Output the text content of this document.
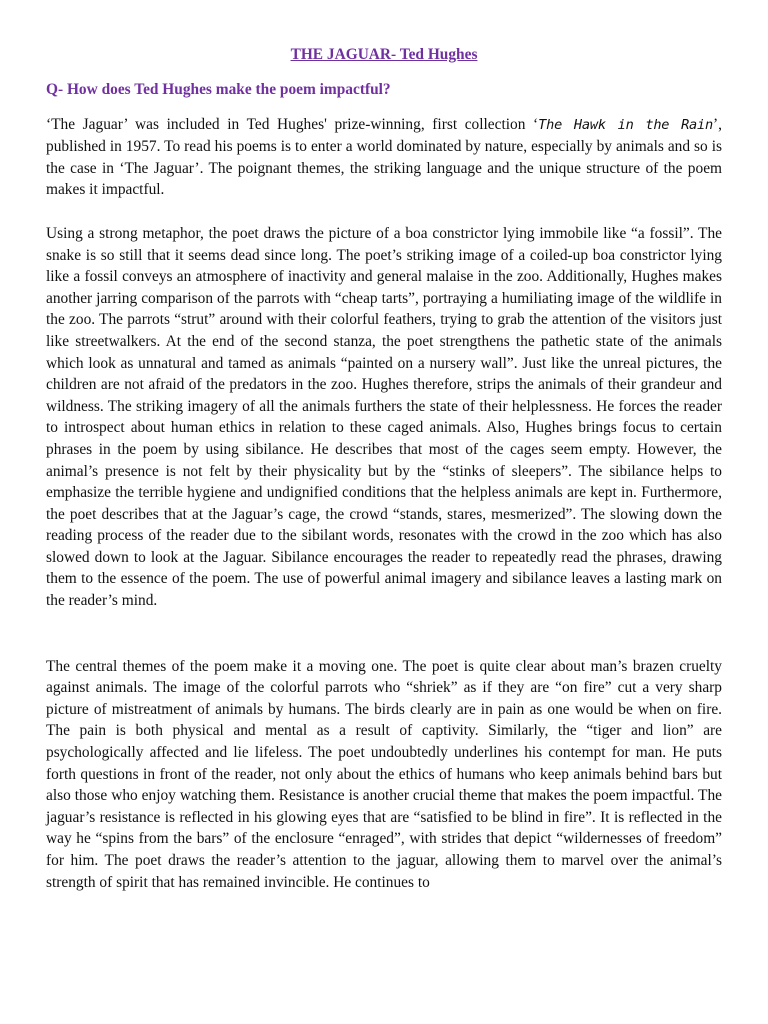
THE JAGUAR- Ted Hughes
Q- How does Ted Hughes make the poem impactful?

‘The Jaguar’ was included in Ted Hughes' prize-winning, first collection ‘The Hawk in the Rain’, published in 1957. To read his poems is to enter a world dominated by nature, especially by animals and so is the case in ‘The Jaguar’. The poignant themes, the striking language and the unique structure of the poem makes it impactful.

Using a strong metaphor, the poet draws the picture of a boa constrictor lying immobile like “a fossil”. The snake is so still that it seems dead since long. The poet’s striking image of a coiled-up boa constrictor lying like a fossil conveys an atmosphere of inactivity and general malaise in the zoo. Additionally, Hughes makes another jarring comparison of the parrots with “cheap tarts”, portraying a humiliating image of the wildlife in the zoo. The parrots “strut” around with their colorful feathers, trying to grab the attention of the visitors just like streetwalkers. At the end of the second stanza, the poet strengthens the pathetic state of the animals which look as unnatural and tamed as animals “painted on a nursery wall”. Just like the unreal pictures, the children are not afraid of the predators in the zoo. Hughes therefore, strips the animals of their grandeur and wildness. The striking imagery of all the animals furthers the state of their helplessness. He forces the reader to introspect about human ethics in relation to these caged animals. Also, Hughes brings focus to certain phrases in the poem by using sibilance. He describes that most of the cages seem empty. However, the animal’s presence is not felt by their physicality but by the “stinks of sleepers”. The sibilance helps to emphasize the terrible hygiene and undignified conditions that the helpless animals are kept in. Furthermore, the poet describes that at the Jaguar’s cage, the crowd “stands, stares, mesmerized”. The slowing down the reading process of the reader due to the sibilant words, resonates with the crowd in the zoo which has also slowed down to look at the Jaguar. Sibilance encourages the reader to repeatedly read the phrases, drawing them to the essence of the poem. The use of powerful animal imagery and sibilance leaves a lasting mark on the reader’s mind.

The central themes of the poem make it a moving one. The poet is quite clear about man’s brazen cruelty against animals. The image of the colorful parrots who “shriek” as if they are “on fire” cut a very sharp picture of mistreatment of animals by humans. The birds clearly are in pain as one would be when on fire. The pain is both physical and mental as a result of captivity. Similarly, the “tiger and lion” are psychologically affected and lie lifeless. The poet undoubtedly underlines his contempt for man. He puts forth questions in front of the reader, not only about the ethics of humans who keep animals behind bars but also those who enjoy watching them. Resistance is another crucial theme that makes the poem impactful. The jaguar’s resistance is reflected in his glowing eyes that are “satisfied to be blind in fire”. It is reflected in the way he “spins from the bars” of the enclosure “enraged”, with strides that depict “wildernesses of freedom” for him. The poet draws the reader’s attention to the jaguar, allowing them to marvel over the animal’s strength of spirit that has remained invincible. He continues to
